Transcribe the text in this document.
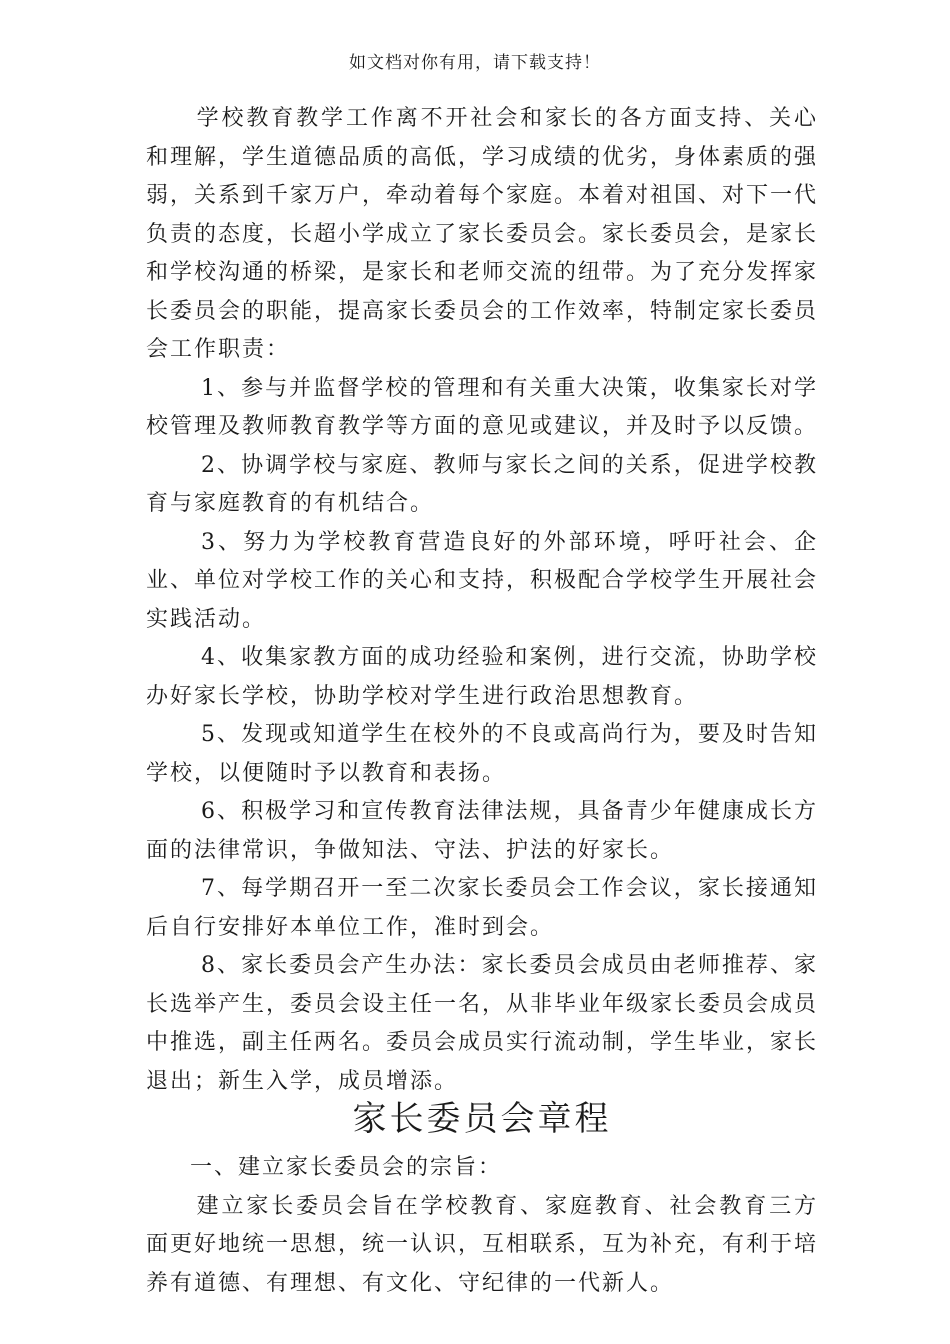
如文档对你有用，请下载支持！

学校教育教学工作离不开社会和家长的各方面支持、关心和理解，学生道德品质的高低，学习成绩的优劣，身体素质的强弱，关系到千家万户，牵动着每个家庭。本着对祖国、对下一代负责的态度，长超小学成立了家长委员会。家长委员会，是家长和学校沟通的桥梁，是家长和老师交流的纽带。为了充分发挥家长委员会的职能，提高家长委员会的工作效率，特制定家长委员会工作职责：

1、参与并监督学校的管理和有关重大决策，收集家长对学校管理及教师教育教学等方面的意见或建议，并及时予以反馈。

2、协调学校与家庭、教师与家长之间的关系，促进学校教育与家庭教育的有机结合。

3、努力为学校教育营造良好的外部环境，呼吁社会、企业、单位对学校工作的关心和支持，积极配合学校学生开展社会实践活动。

4、收集家教方面的成功经验和案例，进行交流，协助学校办好家长学校，协助学校对学生进行政治思想教育。

5、发现或知道学生在校外的不良或高尚行为，要及时告知学校，以便随时予以教育和表扬。

6、积极学习和宣传教育法律法规，具备青少年健康成长方面的法律常识，争做知法、守法、护法的好家长。

7、每学期召开一至二次家长委员会工作会议，家长接通知后自行安排好本单位工作，准时到会。

8、家长委员会产生办法：家长委员会成员由老师推荐、家长选举产生，委员会设主任一名，从非毕业年级家长委员会成员中推选，副主任两名。委员会成员实行流动制，学生毕业，家长退出；新生入学，成员增添。

家长委员会章程

一、建立家长委员会的宗旨：

建立家长委员会旨在学校教育、家庭教育、社会教育三方面更好地统一思想，统一认识，互相联系，互为补充，有利于培养有道德、有理想、有文化、守纪律的一代新人。
